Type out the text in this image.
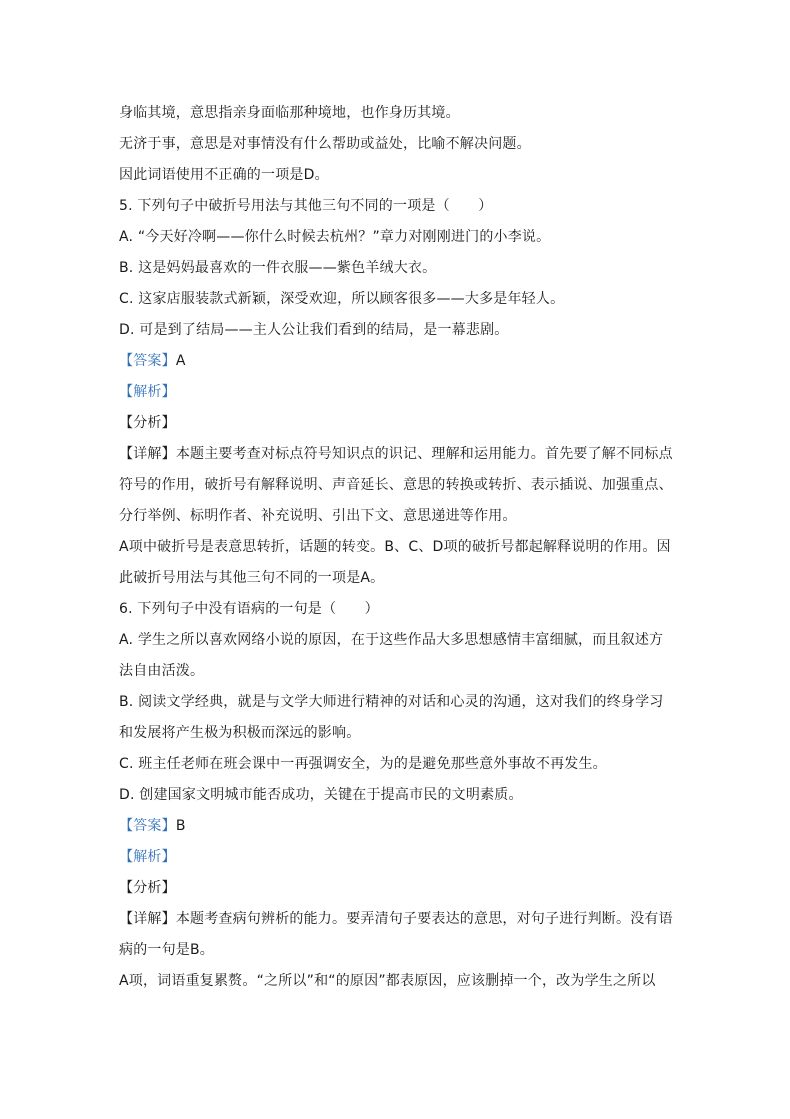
身临其境，意思指亲身面临那种境地，也作身历其境。
无济于事，意思是对事情没有什么帮助或益处，比喻不解决问题。
因此词语使用不正确的一项是D。
5. 下列句子中破折号用法与其他三句不同的一项是（　　）
A. “今天好冷啊——你什么时候去杭州？”章力对刚刚进门的小李说。
B. 这是妈妈最喜欢的一件衣服——紫色羊绒大衣。
C. 这家店服装款式新颖，深受欢迎，所以顾客很多——大多是年轻人。
D. 可是到了结局——主人公让我们看到的结局，是一幕悲剧。
【答案】A
【解析】
【分析】
【详解】本题主要考查对标点符号知识点的识记、理解和运用能力。首先要了解不同标点
符号的作用，破折号有解释说明、声音延长、意思的转换或转折、表示插说、加强重点、
分行举例、标明作者、补充说明、引出下文、意思递进等作用。
A项中破折号是表意思转折，话题的转变。B、C、D项的破折号都起解释说明的作用。因
此破折号用法与其他三句不同的一项是A。
6. 下列句子中没有语病的一句是（　　）
A. 学生之所以喜欢网络小说的原因，在于这些作品大多思想感情丰富细腻，而且叙述方
法自由活泼。
B. 阅读文学经典，就是与文学大师进行精神的对话和心灵的沟通，这对我们的终身学习
和发展将产生极为积极而深远的影响。
C. 班主任老师在班会课中一再强调安全，为的是避免那些意外事故不再发生。
D. 创建国家文明城市能否成功，关键在于提高市民的文明素质。
【答案】B
【解析】
【分析】
【详解】本题考查病句辨析的能力。要弄清句子要表达的意思，对句子进行判断。没有语
病的一句是B。
A项，词语重复累赘。“之所以”和“的原因”都表原因，应该删掉一个，改为学生之所以
